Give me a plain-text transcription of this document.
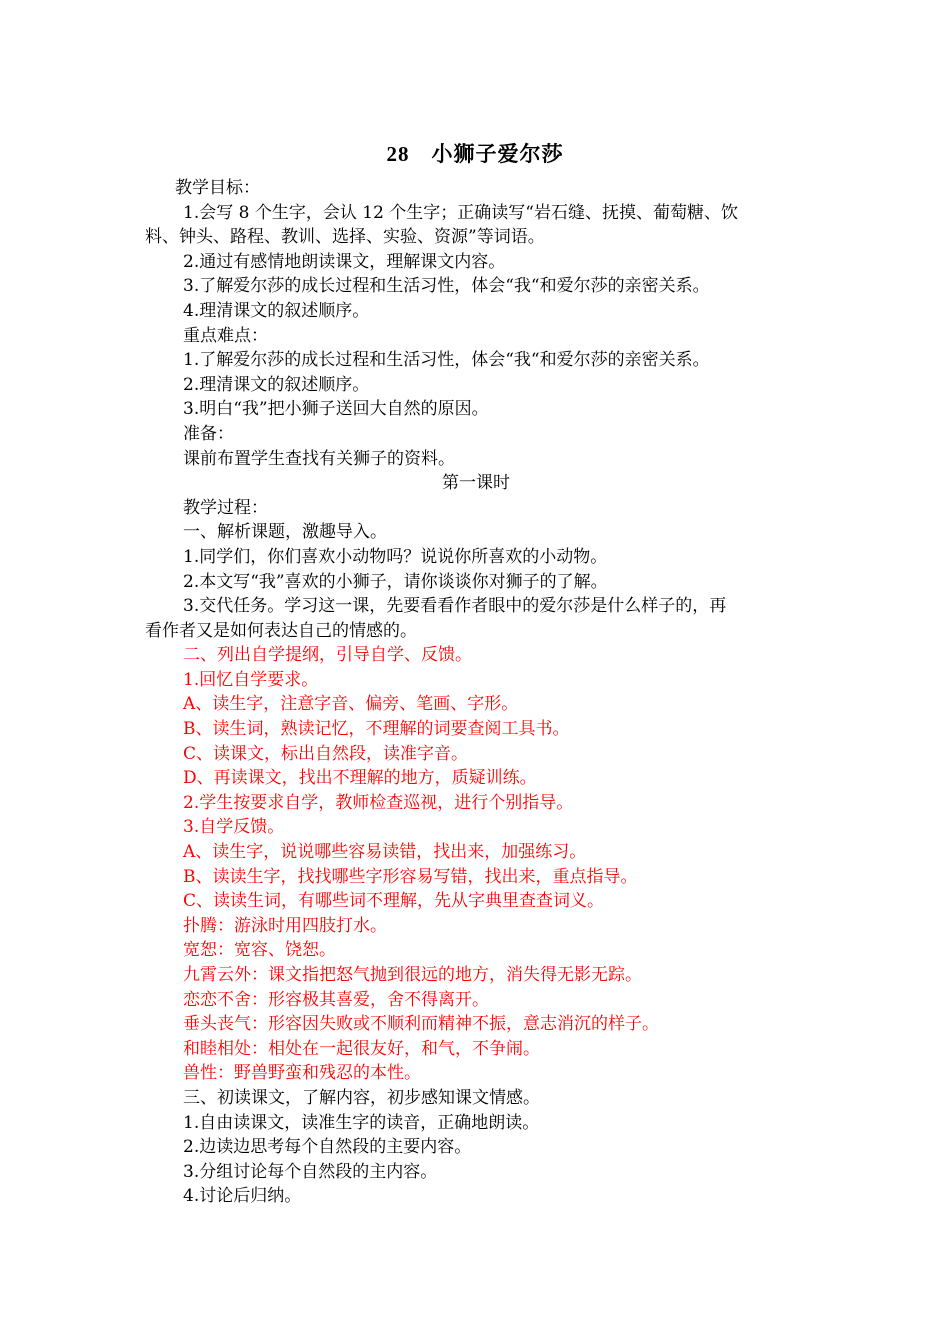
28 小狮子爱尔莎
教学目标：
1.会写 8 个生字，会认 12 个生字；正确读写“岩石缝、抚摸、葡萄糖、饮
料、钟头、路程、教训、选择、实验、资源”等词语。
2.通过有感情地朗读课文，理解课文内容。
3.了解爱尔莎的成长过程和生活习性，体会“我“和爱尔莎的亲密关系。
4.理清课文的叙述顺序。
重点难点：
1.了解爱尔莎的成长过程和生活习性，体会“我“和爱尔莎的亲密关系。
2.理清课文的叙述顺序。
3.明白“我”把小狮子送回大自然的原因。
准备：
课前布置学生查找有关狮子的资料。
第一课时
教学过程：
一、解析课题，激趣导入。
1.同学们，你们喜欢小动物吗？说说你所喜欢的小动物。
2.本文写“我”喜欢的小狮子，请你谈谈你对狮子的了解。
3.交代任务。学习这一课，先要看看作者眼中的爱尔莎是什么样子的，再
看作者又是如何表达自己的情感的。
二、列出自学提纲，引导自学、反馈。
1.回忆自学要求。
A、读生字，注意字音、偏旁、笔画、字形。
B、读生词，熟读记忆，不理解的词要查阅工具书。
C、读课文，标出自然段，读准字音。
D、再读课文，找出不理解的地方，质疑训练。
2.学生按要求自学，教师检查巡视，进行个别指导。
3.自学反馈。
A、读生字，说说哪些容易读错，找出来，加强练习。
B、读读生字，找找哪些字形容易写错，找出来，重点指导。
C、读读生词，有哪些词不理解，先从字典里查查词义。
扑腾：游泳时用四肢打水。
宽恕：宽容、饶恕。
九霄云外：课文指把怒气抛到很远的地方，消失得无影无踪。
恋恋不舍：形容极其喜爱，舍不得离开。
垂头丧气：形容因失败或不顺利而精神不振，意志消沉的样子。
和睦相处：相处在一起很友好，和气，不争闹。
兽性：野兽野蛮和残忍的本性。
三、初读课文，了解内容，初步感知课文情感。
1.自由读课文，读准生字的读音，正确地朗读。
2.边读边思考每个自然段的主要内容。
3.分组讨论每个自然段的主内容。
4.讨论后归纳。
